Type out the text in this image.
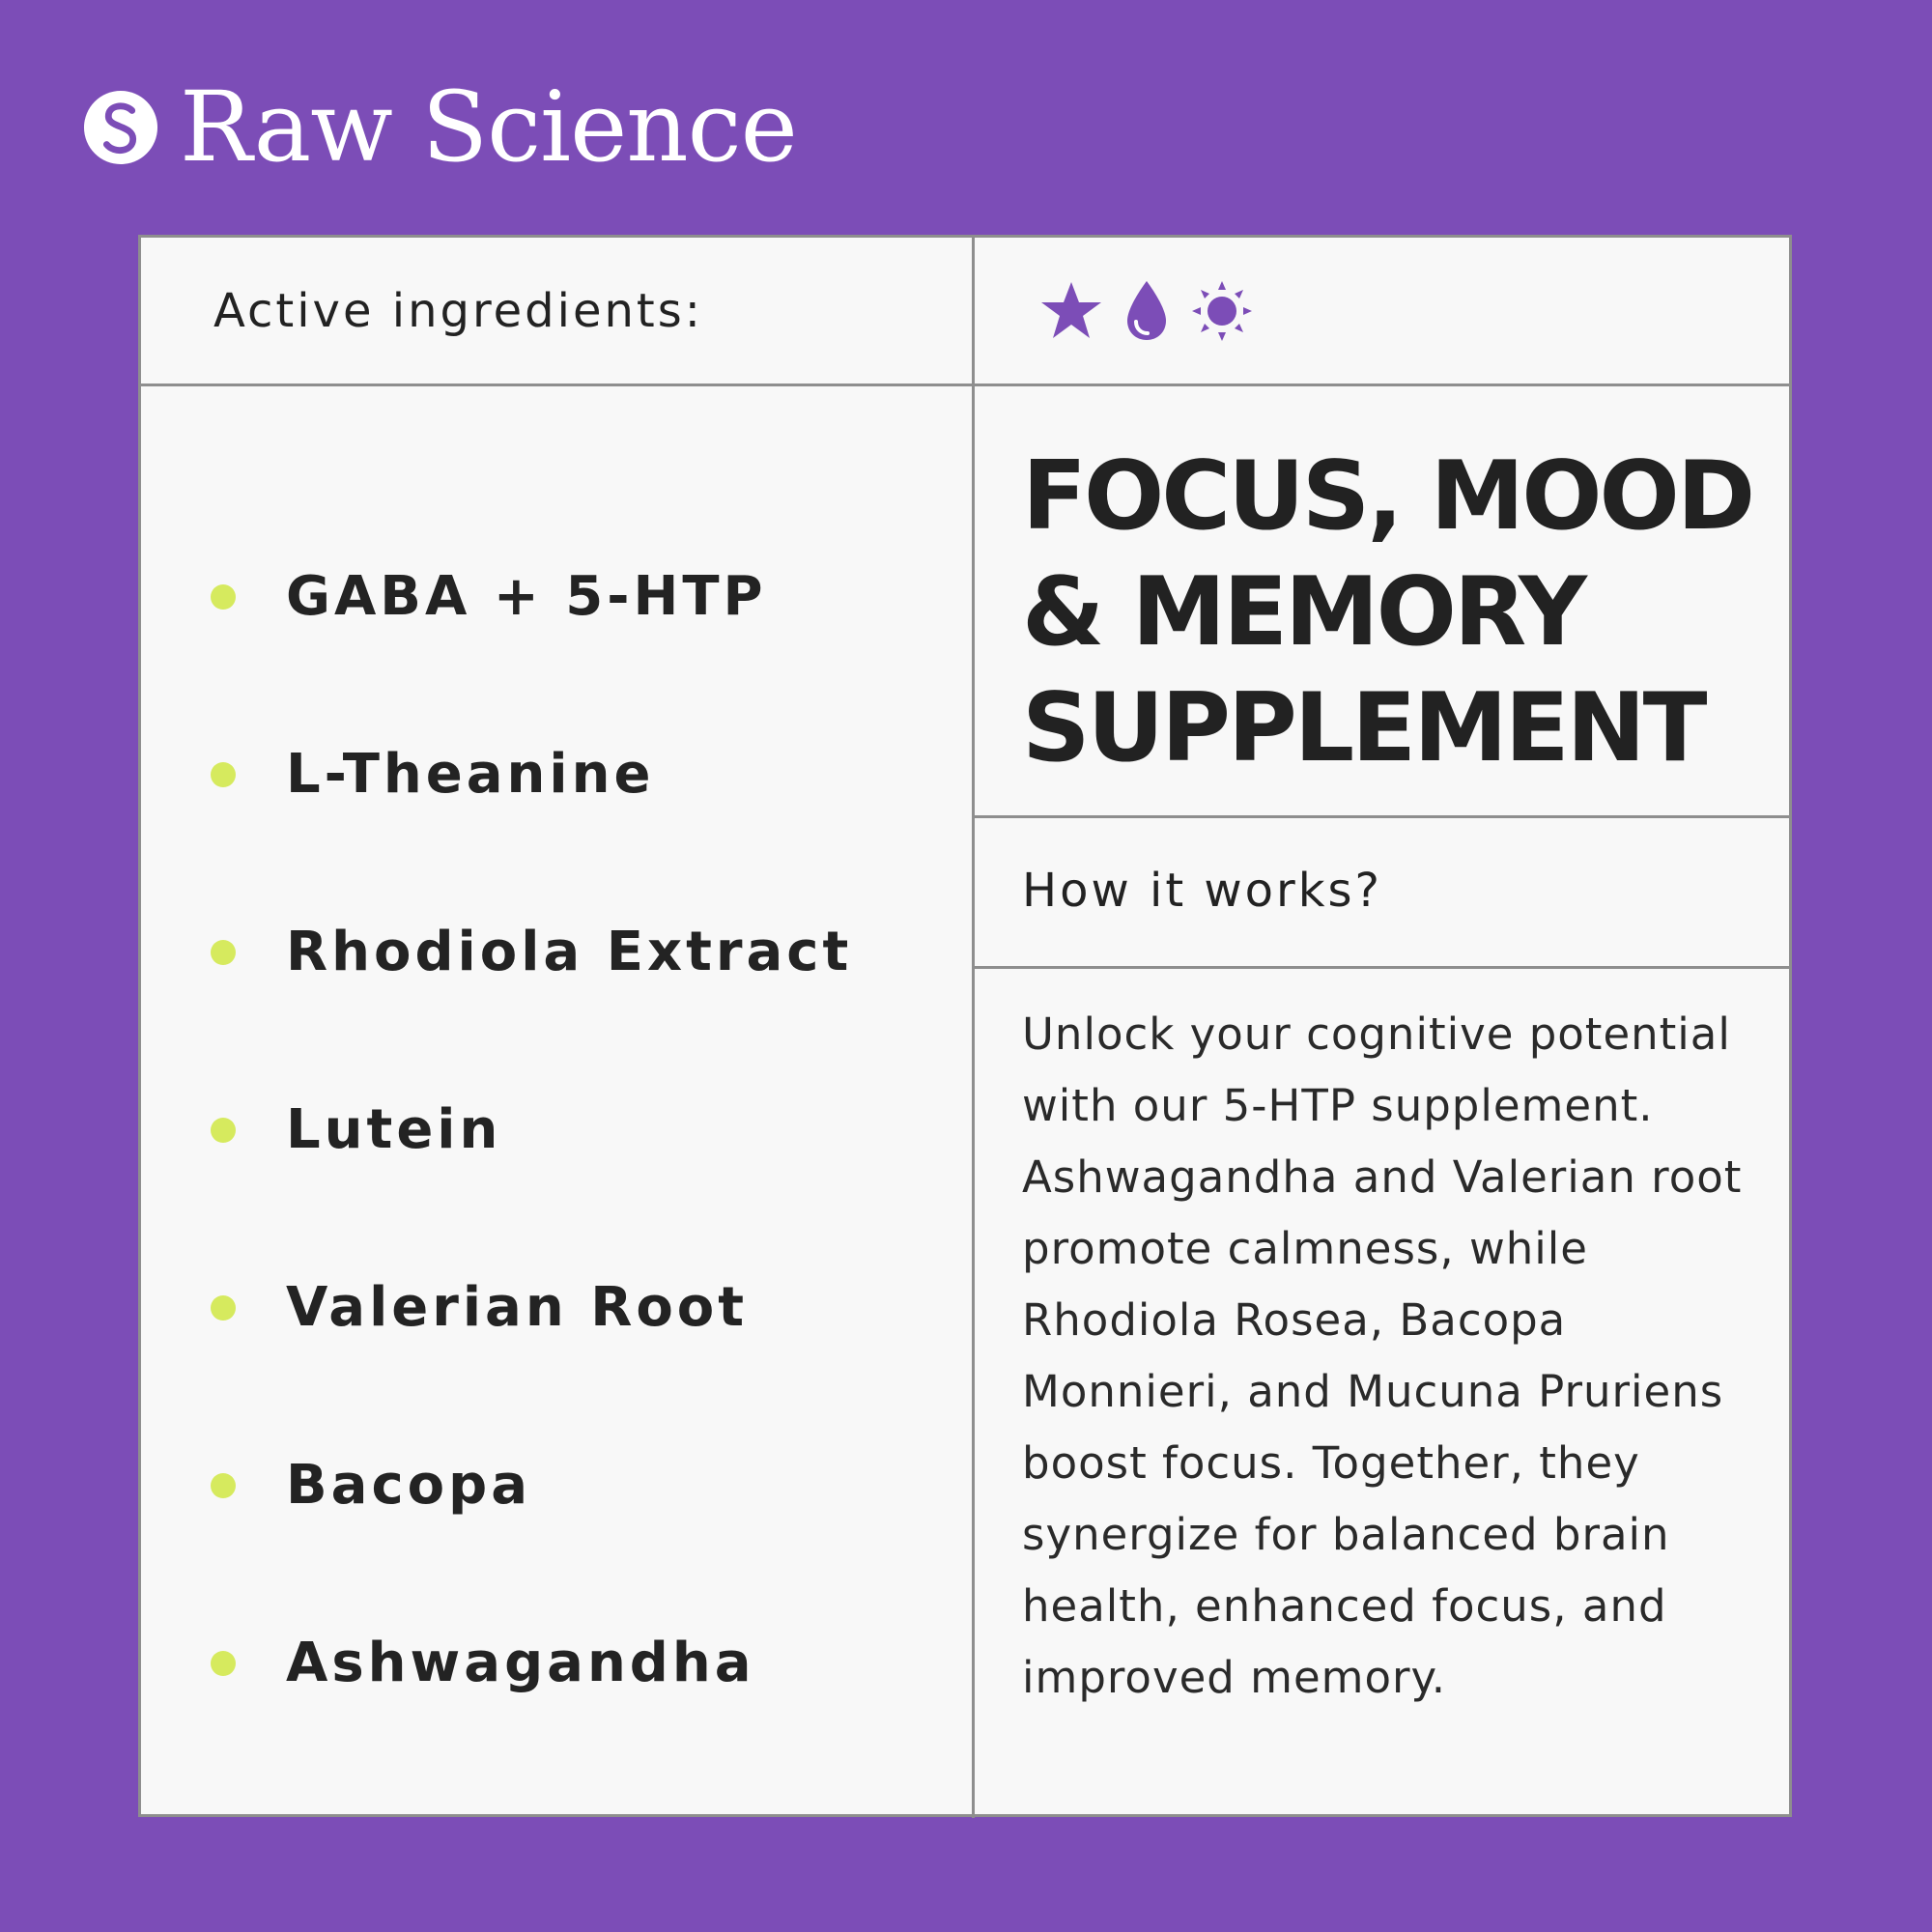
Raw Science
Active ingredients:
GABA + 5-HTP
L-Theanine
Rhodiola Extract
Lutein
Valerian Root
Bacopa
Ashwagandha
FOCUS, MOOD & MEMORY SUPPLEMENT
How it works?

Unlock your cognitive potential with our 5-HTP supplement. Ashwagandha and Valerian root promote calmness, while Rhodiola Rosea, Bacopa Monnieri, and Mucuna Pruriens boost focus. Together, they synergize for balanced brain health, enhanced focus, and improved memory.
